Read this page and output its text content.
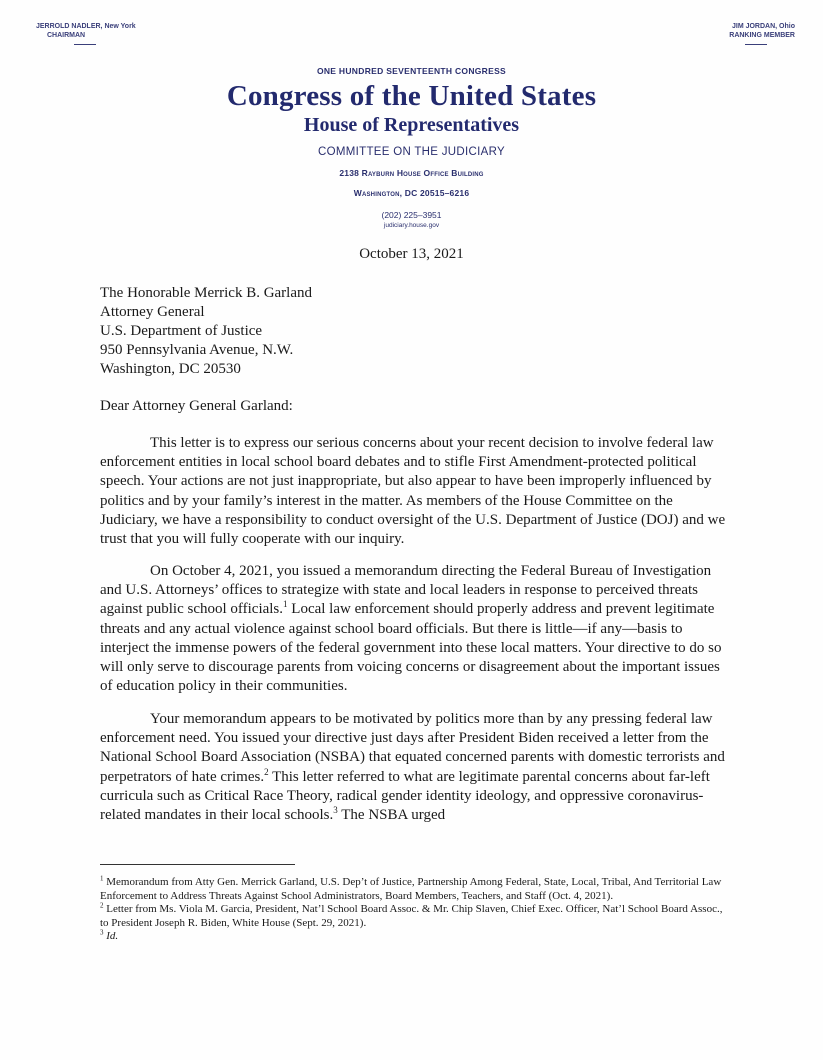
JERROLD NADLER, New York
CHAIRMAN
JIM JORDAN, Ohio
RANKING MEMBER
ONE HUNDRED SEVENTEENTH CONGRESS
Congress of the United States
House of Representatives
COMMITTEE ON THE JUDICIARY
2138 Rayburn House Office Building
Washington, DC 20515–6216
(202) 225–3951
judiciary.house.gov
October 13, 2021
The Honorable Merrick B. Garland
Attorney General
U.S. Department of Justice
950 Pennsylvania Avenue, N.W.
Washington, DC 20530
Dear Attorney General Garland:

This letter is to express our serious concerns about your recent decision to involve federal law enforcement entities in local school board debates and to stifle First Amendment-protected political speech. Your actions are not just inappropriate, but also appear to have been improperly influenced by politics and by your family’s interest in the matter. As members of the House Committee on the Judiciary, we have a responsibility to conduct oversight of the U.S. Department of Justice (DOJ) and we trust that you will fully cooperate with our inquiry.

On October 4, 2021, you issued a memorandum directing the Federal Bureau of Investigation and U.S. Attorneys’ offices to strategize with state and local leaders in response to perceived threats against public school officials.$^1$ Local law enforcement should properly address and prevent legitimate threats and any actual violence against school board officials. But there is little—if any—basis to interject the immense powers of the federal government into these local matters. Your directive to do so will only serve to discourage parents from voicing concerns or disagreement about the important issues of education policy in their communities.

Your memorandum appears to be motivated by politics more than by any pressing federal law enforcement need. You issued your directive just days after President Biden received a letter from the National School Board Association (NSBA) that equated concerned parents with domestic terrorists and perpetrators of hate crimes.$^2$ This letter referred to what are legitimate parental concerns about far-left curricula such as Critical Race Theory, radical gender identity ideology, and oppressive coronavirus-related mandates in their local schools.$^3$ The NSBA urged

$^1$ Memorandum from Atty Gen. Merrick Garland, U.S. Dep’t of Justice, Partnership Among Federal, State, Local, Tribal, And Territorial Law Enforcement to Address Threats Against School Administrators, Board Members, Teachers, and Staff (Oct. 4, 2021).

$^2$ Letter from Ms. Viola M. Garcia, President, Nat’l School Board Assoc. & Mr. Chip Slaven, Chief Exec. Officer, Nat’l School Board Assoc., to President Joseph R. Biden, White House (Sept. 29, 2021).

$^3$ Id.
